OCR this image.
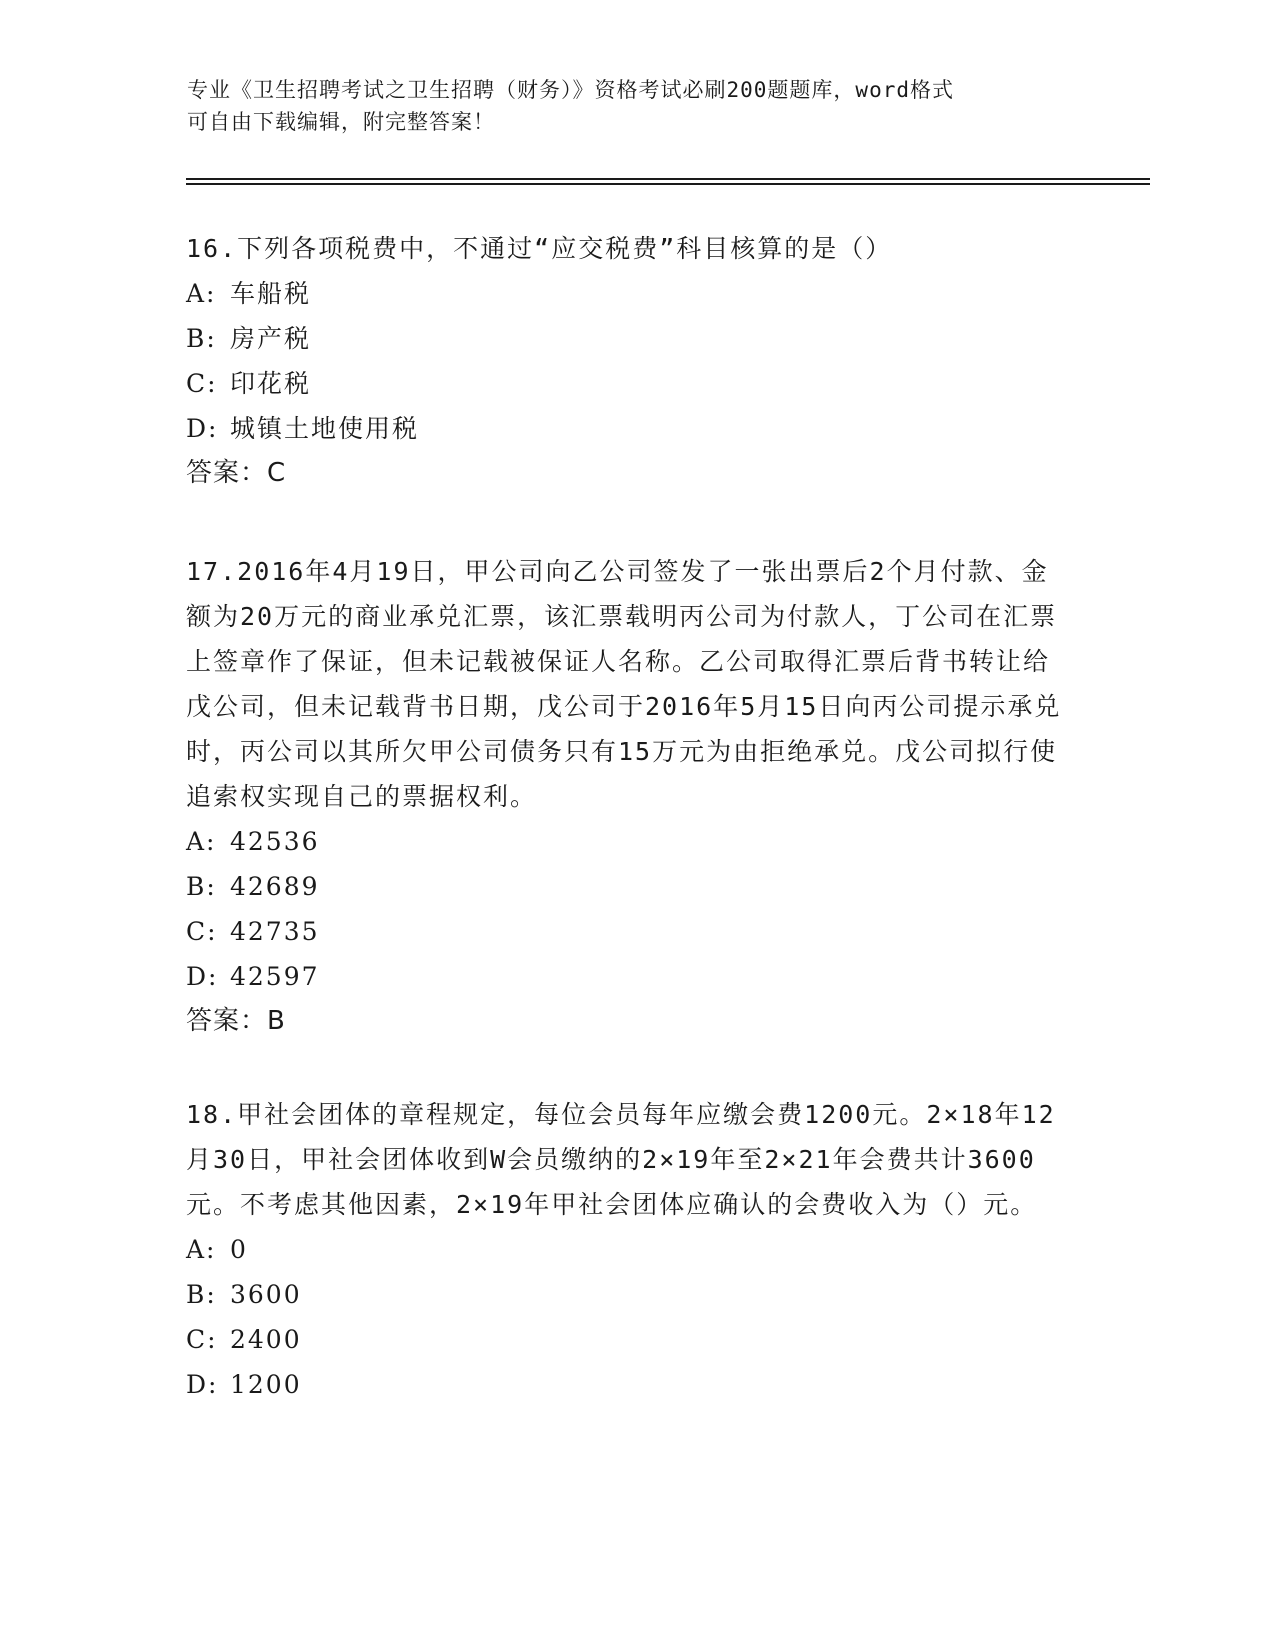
专业《卫生招聘考试之卫生招聘（财务）》资格考试必刷200题题库，word格式
可自由下载编辑，附完整答案！

16.下列各项税费中，不通过“应交税费”科目核算的是（）

A: 车船税
B: 房产税
C: 印花税
D: 城镇土地使用税
答案：C

17.2016年4月19日，甲公司向乙公司签发了一张出票后2个月付款、金额为20万元的商业承兑汇票，该汇票载明丙公司为付款人，丁公司在汇票上签章作了保证，但未记载被保证人名称。乙公司取得汇票后背书转让给戊公司，但未记载背书日期，戊公司于2016年5月15日向丙公司提示承兑时，丙公司以其所欠甲公司债务只有15万元为由拒绝承兑。戊公司拟行使追索权实现自己的票据权利。

A: 42536
B: 42689
C: 42735
D: 42597
答案：B

18.甲社会团体的章程规定，每位会员每年应缴会费1200元。2×18年12月30日，甲社会团体收到W会员缴纳的2×19年至2×21年会费共计3600元。不考虑其他因素，2×19年甲社会团体应确认的会费收入为（）元。

A: 0
B: 3600
C: 2400
D: 1200
